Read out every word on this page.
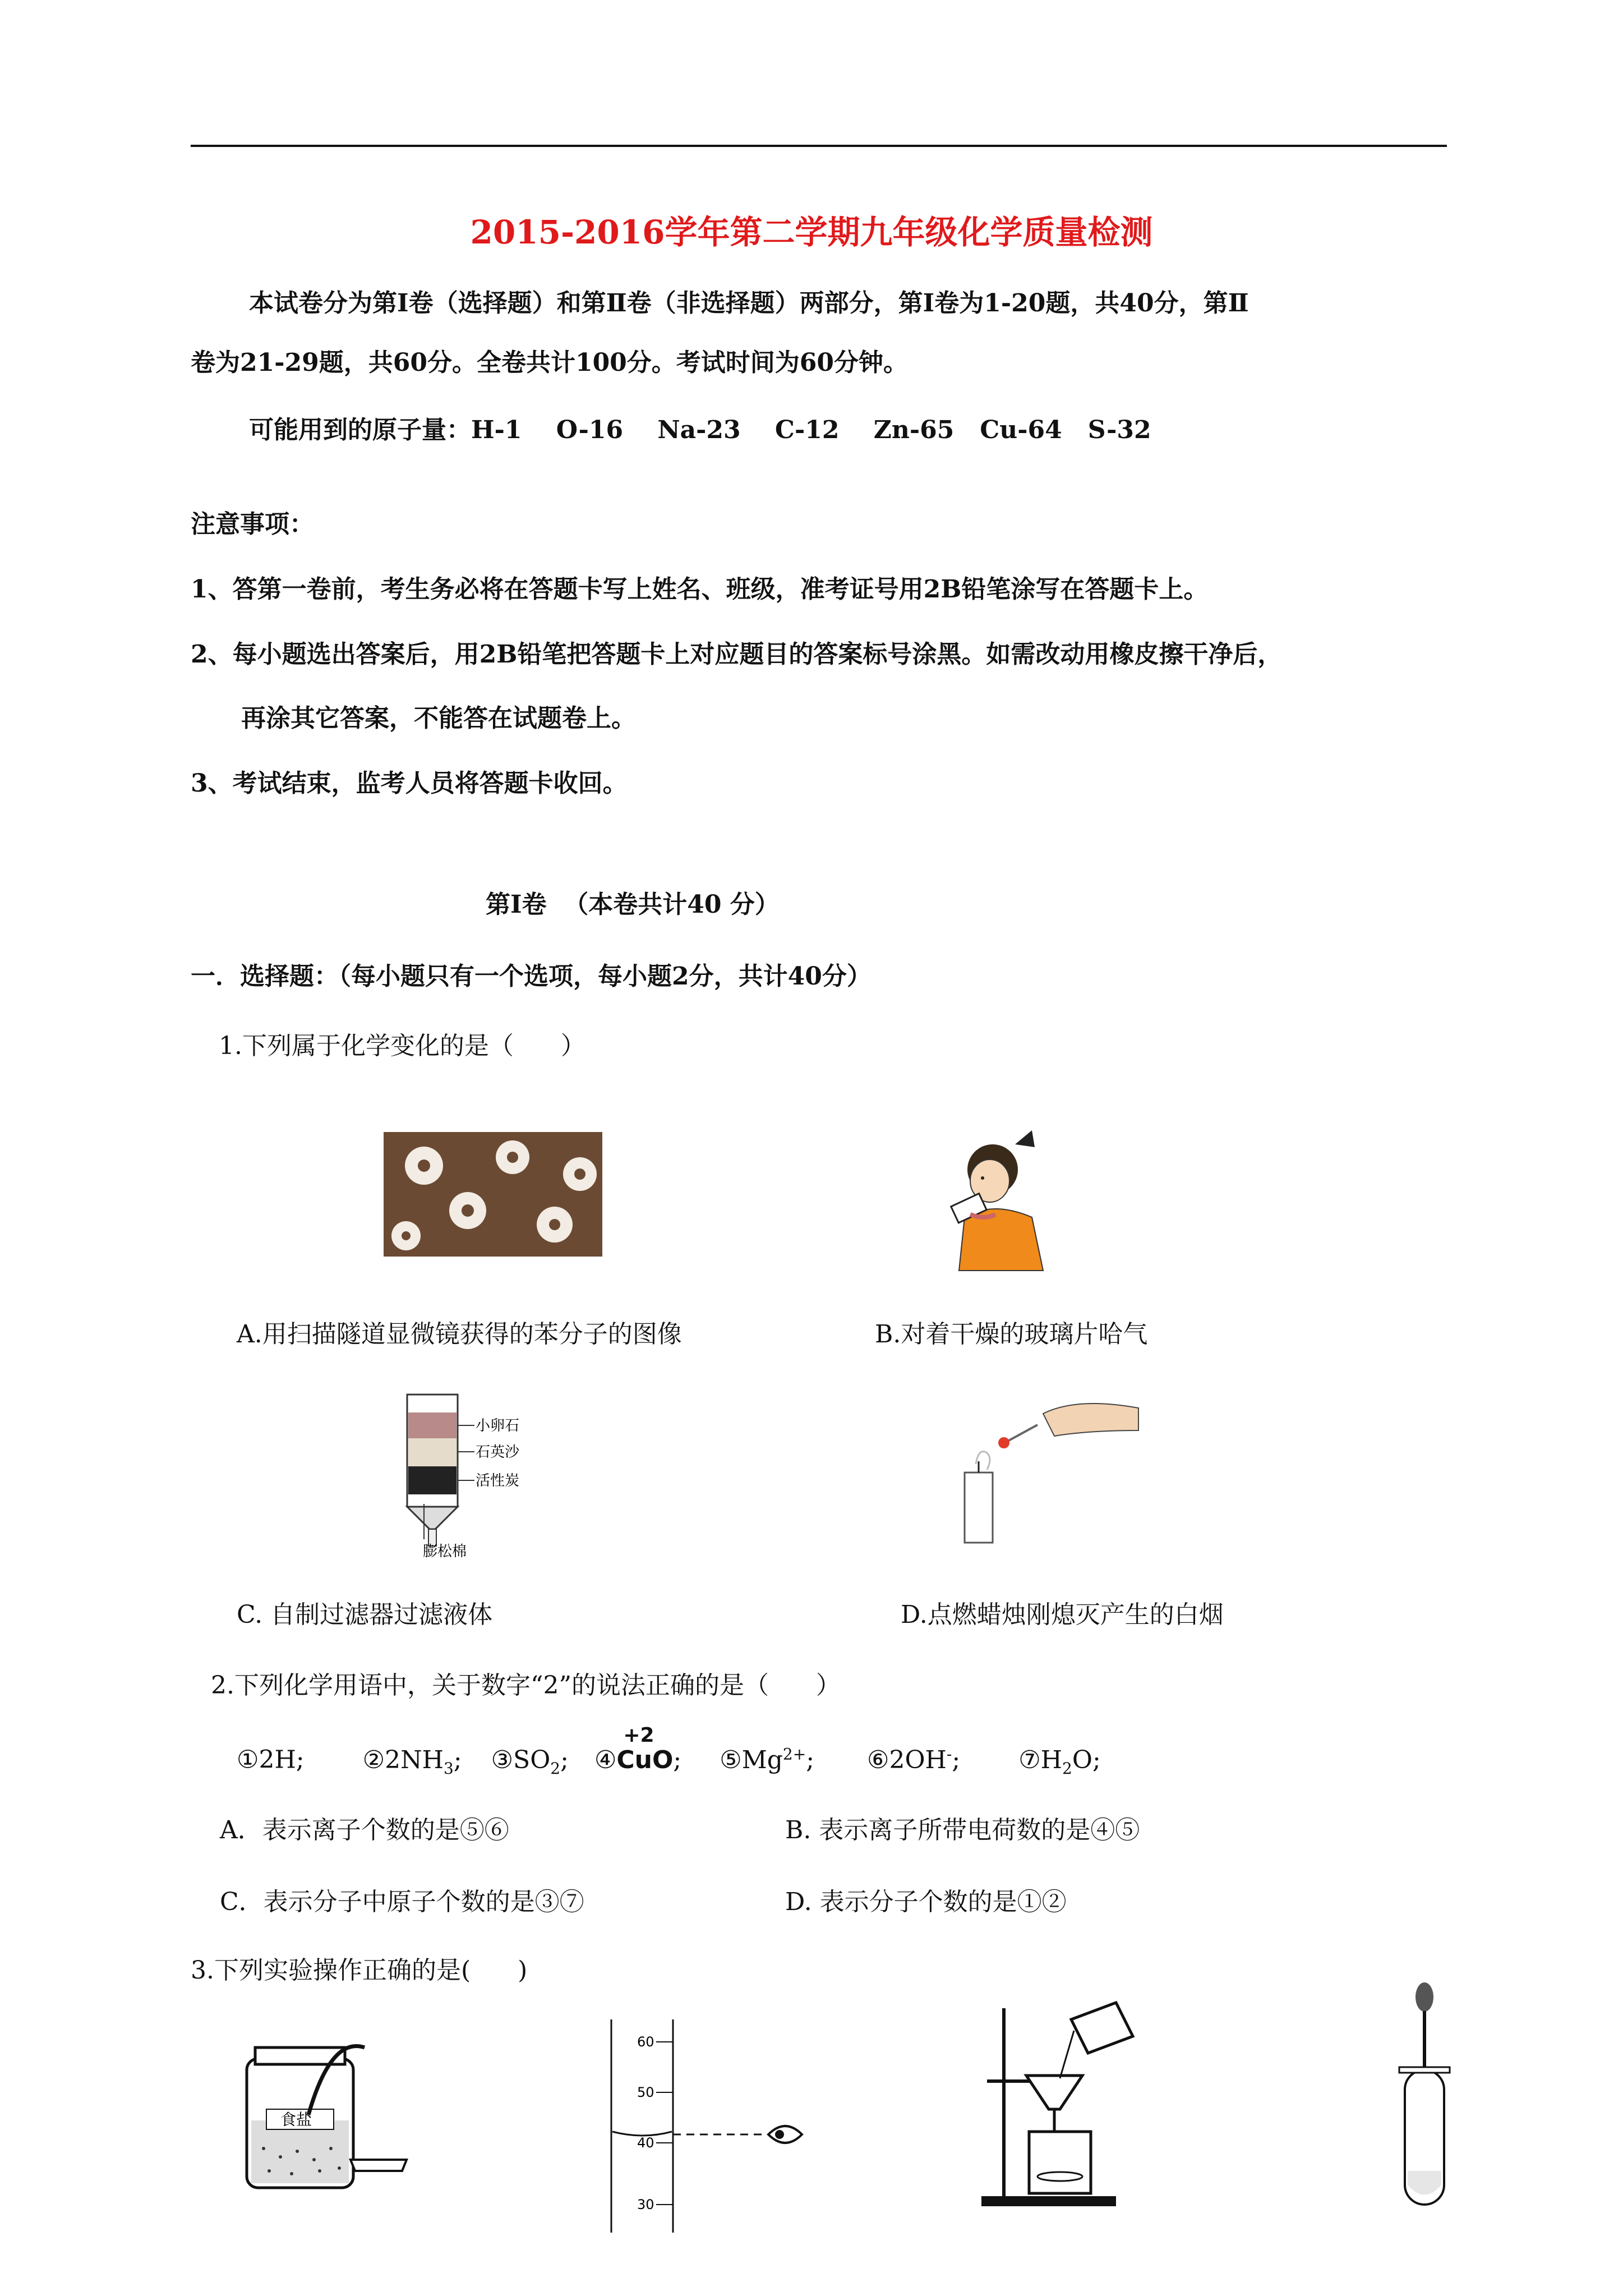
2015-2016学年第二学期九年级化学质量检测
本试卷分为第Ⅰ卷（选择题）和第Ⅱ卷（非选择题）两部分，第Ⅰ卷为1-20题，共40分，第Ⅱ
卷为21-29题，共60分。全卷共计100分。考试时间为60分钟。
可能用到的原子量：H-1    O-16    Na-23    C-12    Zn-65   Cu-64   S-32
注意事项：
1、答第一卷前，考生务必将在答题卡写上姓名、班级，准考证号用2B铅笔涂写在答题卡上。
2、每小题选出答案后，用2B铅笔把答题卡上对应题目的答案标号涂黑。如需改动用橡皮擦干净后，
再涂其它答案，不能答在试题卷上。
3、考试结束，监考人员将答题卡收回。
第Ⅰ卷  （本卷共计40 分）
一．选择题：（每小题只有一个选项，每小题2分，共计40分）
1.下列属于化学变化的是（      ）
A.用扫描隧道显微镜获得的苯分子的图像	B.对着干燥的玻璃片哈气
小卵石
石英沙
活性炭
膨松棉
C. 自制过滤器过滤液体	D.点燃蜡烛刚熄灭产生的白烟
2.下列化学用语中，关于数字“2”的说法正确的是（      ）
①2H; $②2NH_3$; $③SO_2$; ④
+2
CuO; $⑤Mg^{2+}$; ⑥2OH-; $⑦H_2O$;
A．表示离子个数的是⑤⑥	B. 表示离子所带电荷数的是④⑤
C．表示分子中原子个数的是③⑦	D. 表示分子个数的是①②
3.下列实验操作正确的是(      )
食盐
60
50
40
30
